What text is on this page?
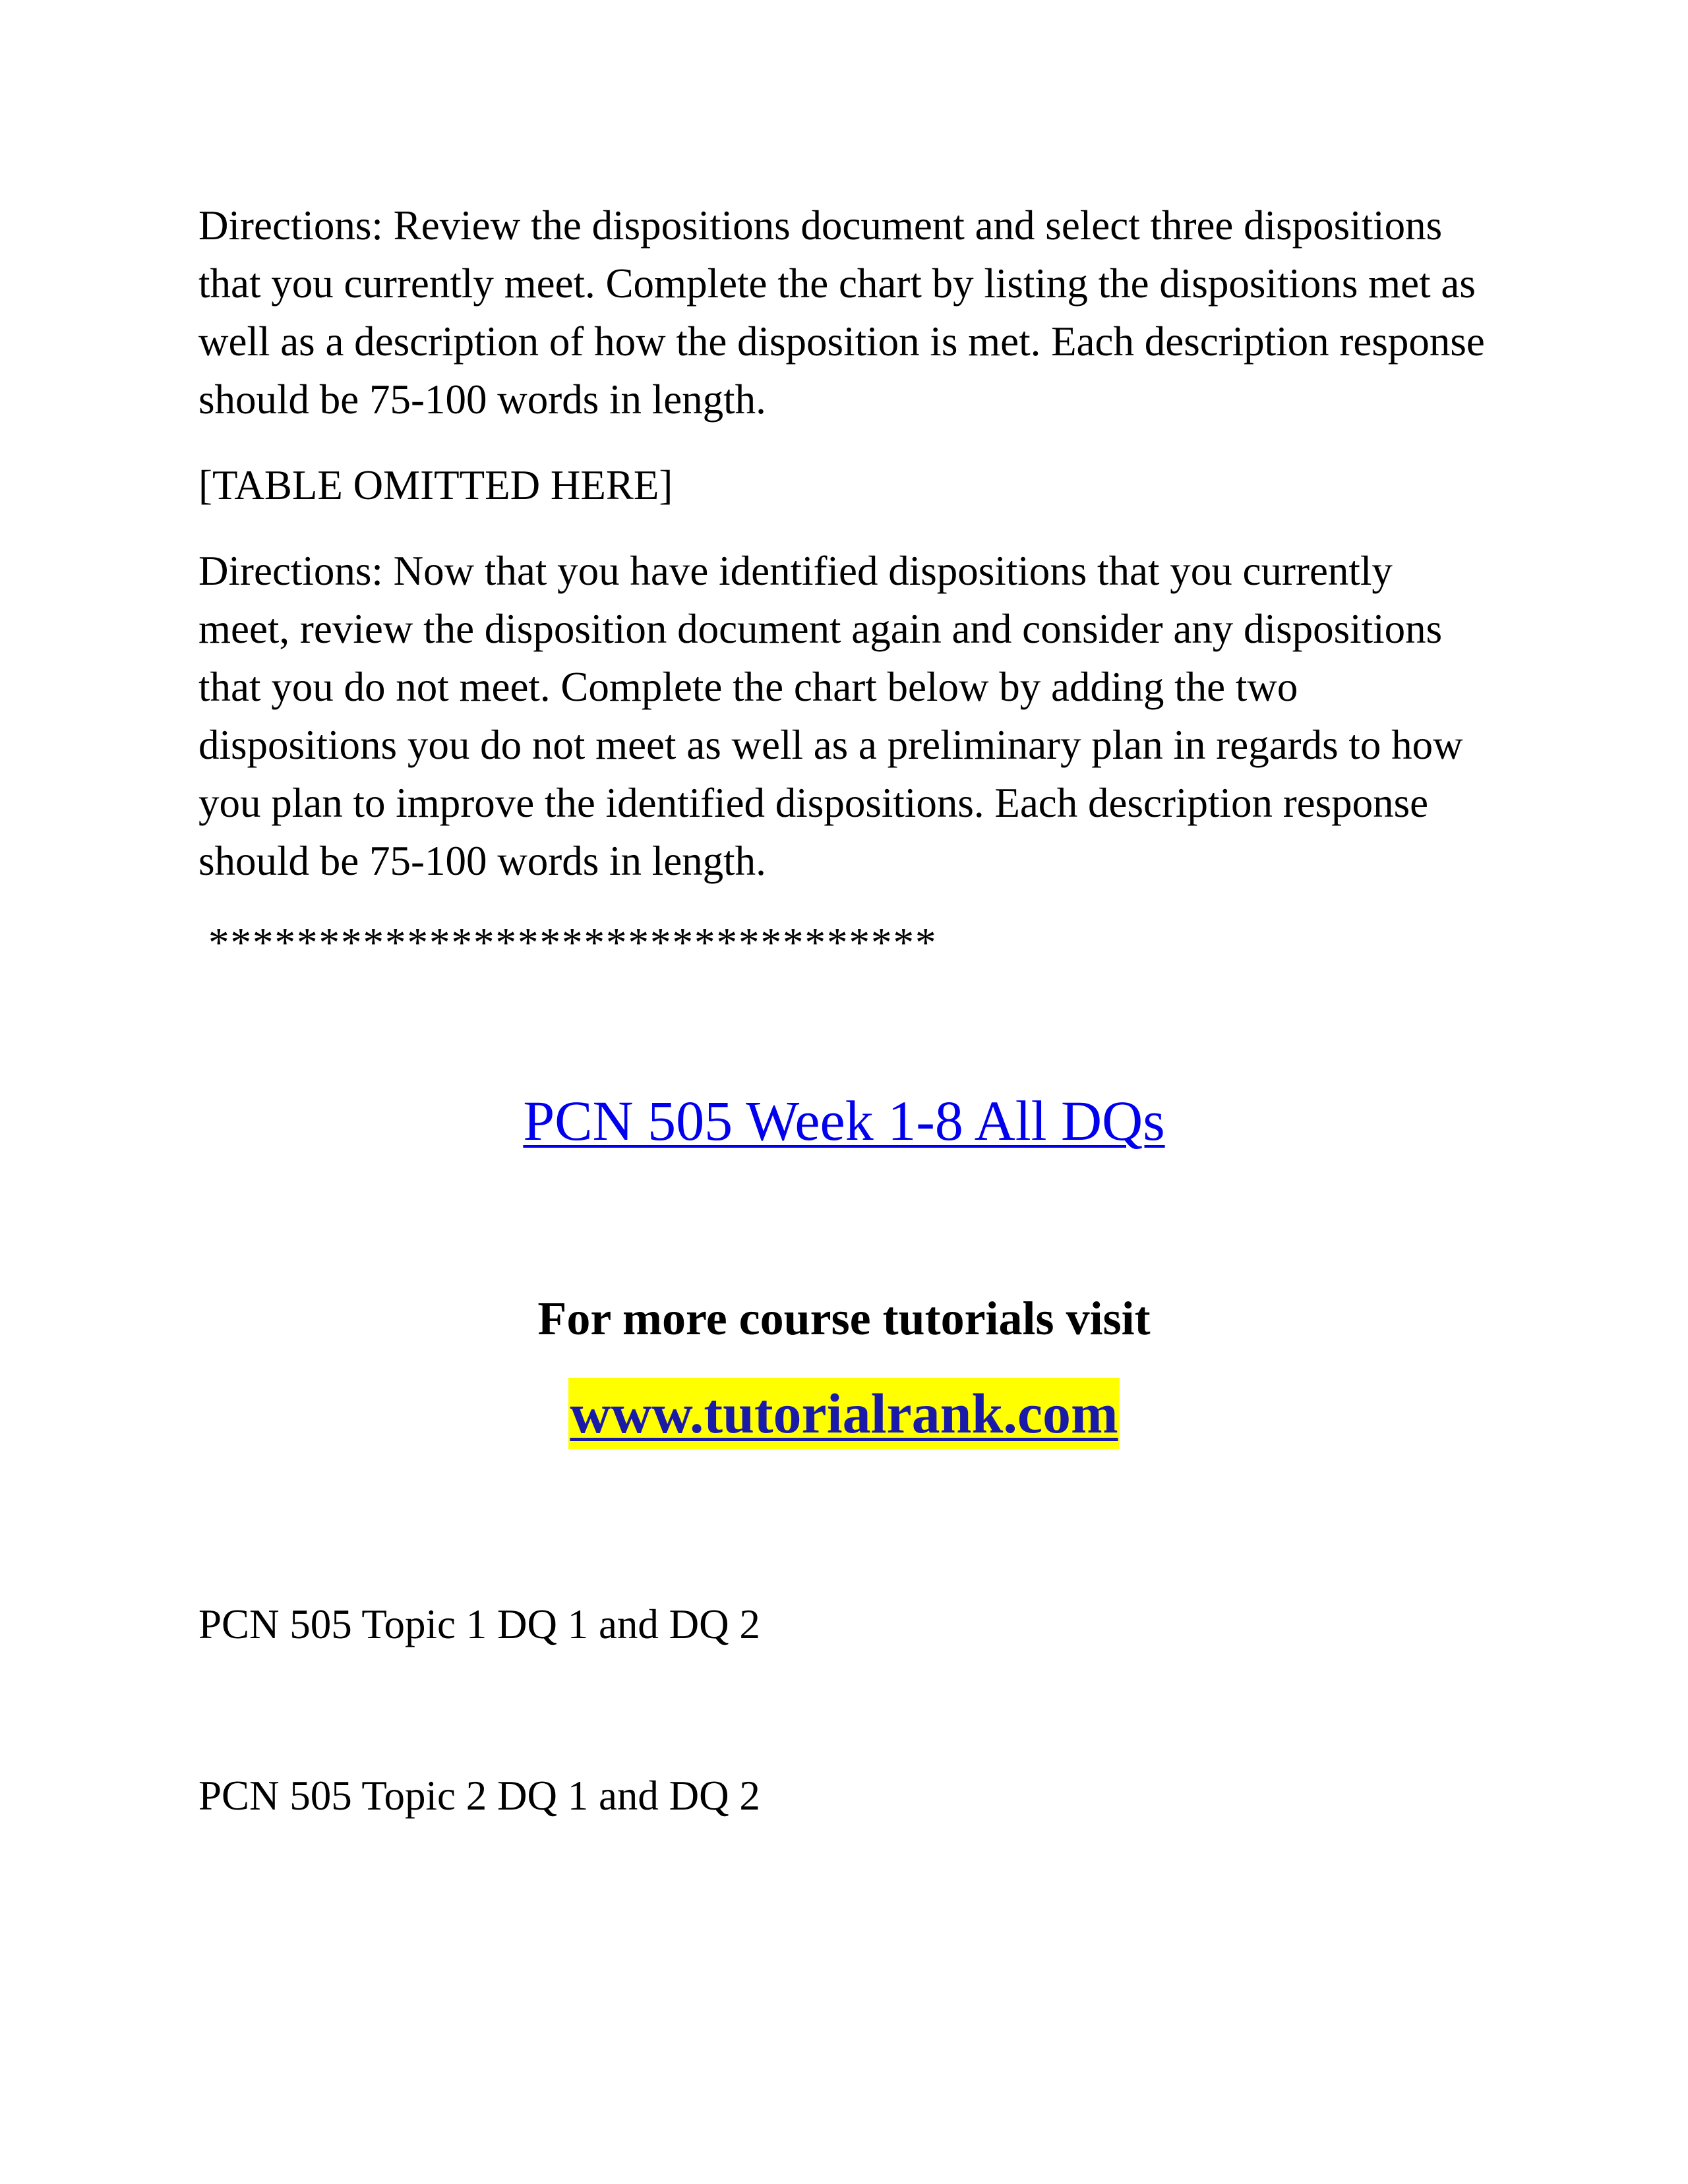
Directions: Review the dispositions document and select three dispositions that you currently meet. Complete the chart by listing the dispositions met as well as a description of how the disposition is met. Each description response should be 75-100 words in length.

[TABLE OMITTED HERE]

Directions: Now that you have identified dispositions that you currently meet, review the disposition document again and consider any dispositions that you do not meet. Complete the chart below by adding the two dispositions you do not meet as well as a preliminary plan in regards to how you plan to improve the identified dispositions. Each description response should be 75-100 words in length.

*********************************

PCN 505 Week 1-8 All DQs

For more course tutorials visit

www.tutorialrank.com

PCN 505 Topic 1 DQ 1 and DQ 2

PCN 505 Topic 2 DQ 1 and DQ 2
